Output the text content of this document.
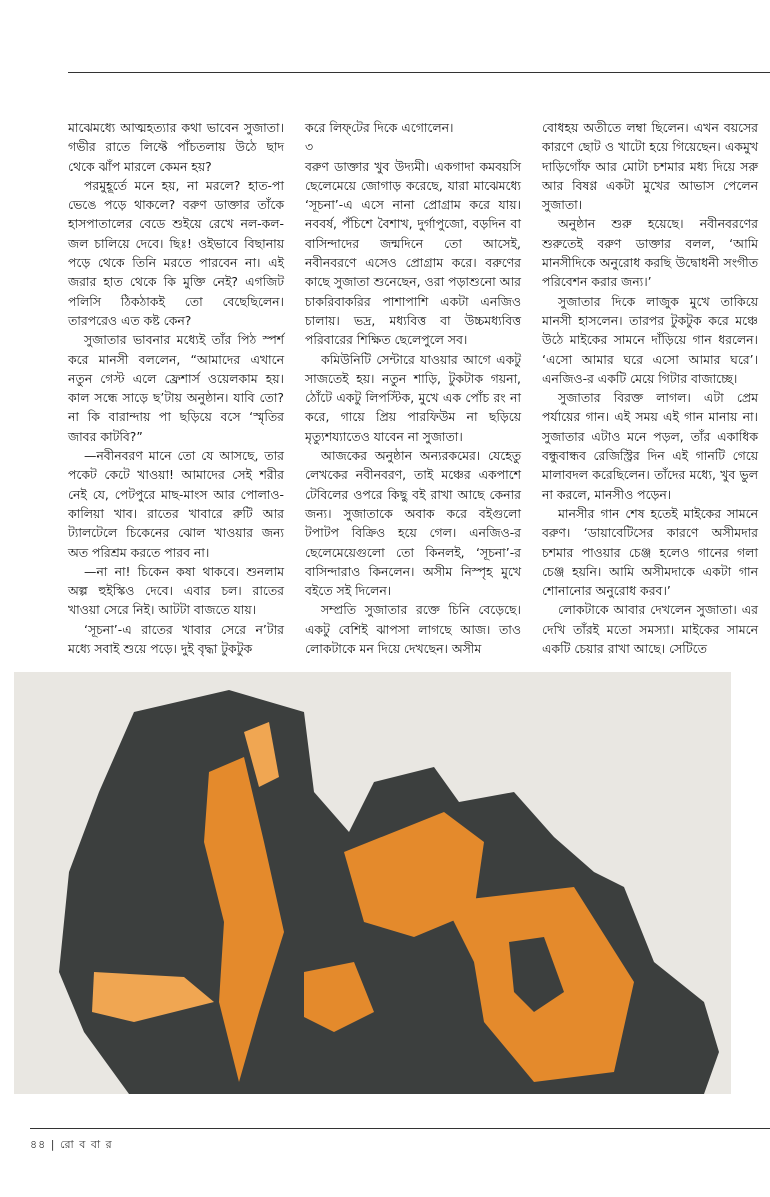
মাঝেমধ্যে আত্মহত্যার কথা ভাবেন সুজাতা। গভীর রাতে লিফ্টে পাঁচতলায় উঠে ছাদ থেকে ঝাঁপ মারলে কেমন হয়?

পরমুহূর্তে মনে হয়, না মরলে? হাত-পা ভেঙে পড়ে থাকলে? বরুণ ডাক্তার তাঁকে হাসপাতালের বেডে শুইয়ে রেখে নল-কল-জল চালিয়ে দেবে। ছিঃ! ওইভাবে বিছানায় পড়ে থেকে তিনি মরতে পারবেন না। এই জরার হাত থেকে কি মুক্তি নেই? এগজিট পলিসি ঠিকঠাকই তো বেছেছিলেন। তারপরেও এত কষ্ট কেন?

সুজাতার ভাবনার মধ্যেই তাঁর পিঠ স্পর্শ করে মানসী বললেন, “আমাদের এখানে নতুন গেস্ট এলে ফ্রেশার্স ওয়েলকাম হয়। কাল সন্ধে সাড়ে ছ’টায় অনুষ্ঠান। যাবি তো? না কি বারান্দায় পা ছড়িয়ে বসে ‘স্মৃতির জাবর কাটবি?”

—নবীনবরণ মানে তো যে আসছে, তার পকেট কেটে খাওয়া! আমাদের সেই শরীর নেই যে, পেটপুরে মাছ-মাংস আর পোলাও-কালিয়া খাব। রাতের খাবারে রুটি আর ট্যালটেলে চিকেনের ঝোল খাওয়ার জন্য অত পরিশ্রম করতে পারব না।

—না না! চিকেন কষা থাকবে। শুনলাম অল্প হুইস্কিও দেবে। এবার চল। রাতের খাওয়া সেরে নিই। আটটা বাজতে যায়।

‘সূচনা’-এ রাতের খাবার সেরে ন’টার মধ্যে সবাই শুয়ে পড়ে। দুই বৃদ্ধা টুকটুক

করে লিফ্‌টের দিকে এগোলেন।

৩

বরুণ ডাক্তার খুব উদ্যমী। একগাদা কমবয়সি ছেলেমেয়ে জোগাড় করেছে, যারা মাঝেমধ্যে ‘সূচনা’-এ এসে নানা প্রোগ্রাম করে যায়। নববর্ষ, পঁচিশে বৈশাখ, দুর্গাপুজো, বড়দিন বা বাসিন্দাদের জন্মদিনে তো আসেই, নবীনবরণে এসেও প্রোগ্রাম করে। বরুণের কাছে সুজাতা শুনেছেন, ওরা পড়াশুনো আর চাকরিবাকরির পাশাপাশি একটা এনজিও চালায়। ভদ্র, মধ্যবিত্ত বা উচ্চমধ্যবিত্ত পরিবারের শিক্ষিত ছেলেপুলে সব।

কমিউনিটি সেন্টারে যাওয়ার আগে একটু সাজতেই হয়। নতুন শাড়ি, টুকটাক গয়না, ঠোঁটে একটু লিপস্টিক, মুখে এক পোঁচ রং না করে, গায়ে প্রিয় পারফিউম না ছড়িয়ে মৃত্যুশয্যাতেও যাবেন না সুজাতা।

আজকের অনুষ্ঠান অন্যরকমের। যেহেতু লেখকের নবীনবরণ, তাই মঞ্চের একপাশে টেবিলের ওপরে কিছু বই রাখা আছে কেনার জন্য। সুজাতাকে অবাক করে বইগুলো টপাটপ বিক্রিও হয়ে গেল। এনজিও-র ছেলেমেয়েগুলো তো কিনলই, ‘সূচনা’-র বাসিন্দারাও কিনলেন। অসীম নিস্পৃহ মুখে বইতে সই দিলেন।

সম্প্রতি সুজাতার রক্তে চিনি বেড়েছে। একটু বেশিই ঝাপসা লাগছে আজ। তাও লোকটাকে মন দিয়ে দেখছেন। অসীম

বোধহয় অতীতে লম্বা ছিলেন। এখন বয়সের কারণে ছোট ও খাটো হয়ে গিয়েছেন। একমুখ দাড়িগোঁফ আর মোটা চশমার মধ্য দিয়ে সরু আর বিষণ্ণ একটা মুখের আভাস পেলেন সুজাতা।

অনুষ্ঠান শুরু হয়েছে। নবীনবরণের শুরুতেই বরুণ ডাক্তার বলল, ‘আমি মানসীদিকে অনুরোধ করছি উদ্বোধনী সংগীত পরিবেশন করার জন্য।’

সুজাতার দিকে লাজুক মুখে তাকিয়ে মানসী হাসলেন। তারপর টুকটুক করে মঞ্চে উঠে মাইকের সামনে দাঁড়িয়ে গান ধরলেন। ‘এসো আমার ঘরে এসো আমার ঘরে’। এনজিও-র একটি মেয়ে গিটার বাজাচ্ছে।

সুজাতার বিরক্ত লাগল। এটা প্রেম পর্যায়ের গান। এই সময় এই গান মানায় না। সুজাতার এটাও মনে পড়ল, তাঁর একাধিক বন্ধুবান্ধব রেজিস্ট্রির দিন এই গানটি গেয়ে মালাবদল করেছিলেন। তাঁদের মধ্যে, খুব ভুল না করলে, মানসীও পড়েন।

মানসীর গান শেষ হতেই মাইকের সামনে বরুণ। ‘ডায়াবেটিসের কারণে অসীমদার চশমার পাওয়ার চেঞ্জ হলেও গানের গলা চেঞ্জ হয়নি। আমি অসীমদাকে একটা গান শোনানোর অনুরোধ করব।’

লোকটাকে আবার দেখলেন সুজাতা। এর দেখি তাঁরই মতো সমস্যা। মাইকের সামনে একটি চেয়ার রাখা আছে। সেটিতে

৪৪ | রো ব বা র
